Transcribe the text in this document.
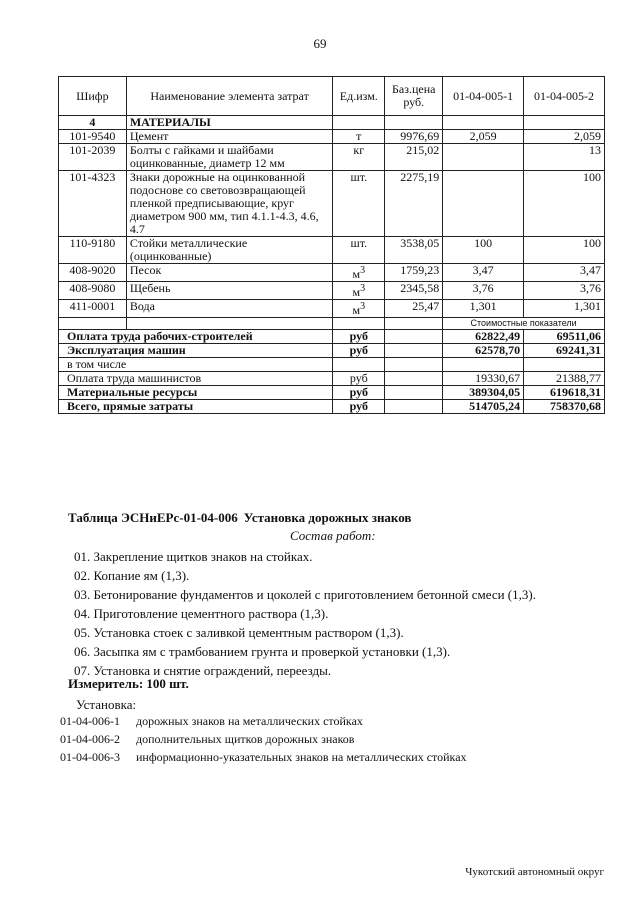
69
Шифр	Наименование элемента затрат	Ед.изм.	Баз.цена руб.	01-04-005-1	01-04-005-2
4	МАТЕРИАЛЫ				
101-9540	Цемент	т	9976,69	2,059	2,059
101-2039	Болты с гайками и шайбами оцинкованные, диаметр 12 мм	кг	215,02		13
101-4323	Знаки дорожные на оцинкованной подосновe со световозвращающей пленкой предписывающие, круг диаметром 900 мм, тип 4.1.1-4.3, 4.6, 4.7	шт.	2275,19		100
110-9180	Стойки металлические (оцинкованные)	шт.	3538,05	100	100
408-9020	Песок	$м^3$	1759,23	3,47	3,47
408-9080	Щебень	$м^3$	2345,58	3,76	3,76
411-0001	Вода	$м^3$	25,47	1,301	1,301
				Стоимостные показатели	
Оплата труда рабочих-строителей		руб		62822,49	69511,06
Эксплуатация машин		руб		62578,70	69241,31
в том числе					
Оплата труда машинистов		руб		19330,67	21388,77
Материальные ресурсы		руб		389304,05	619618,31
Всего, прямые затраты		руб		514705,24	758370,68
Таблица ЭСНиЕРс-01-04-006 Установка дорожных знаков
Состав работ:
01. Закрепление щитков знаков на стойках.
02. Копание ям (1,3).
03. Бетонирование фундаментов и цоколей с приготовлением бетонной смеси (1,3).
04. Приготовление цементного раствора (1,3).
05. Установка стоек с заливкой цементным раствором (1,3).
06. Засыпка ям с трамбованием грунта и проверкой установки (1,3).
07. Установка и снятие ограждений, переезды.
Измеритель: 100 шт.
Установка:
01-04-006-1 дорожных знаков на металлических стойках
01-04-006-2 дополнительных щитков дорожных знаков
01-04-006-3 информационно-указательных знаков на металлических стойках
Чукотский автономный округ
